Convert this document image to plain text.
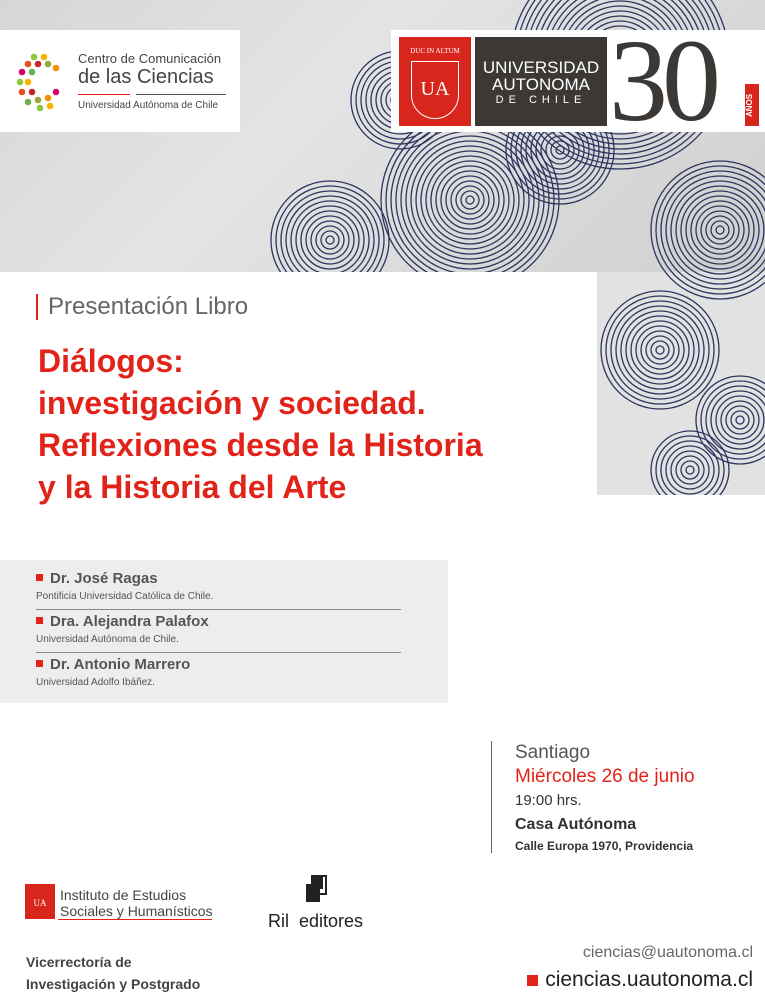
Centro de Comunicación
de las Ciencias
Universidad Autónoma de Chile
DUC IN ALTUM
UA
UNIVERSIDAD
AUTONOMA
DE CHILE 30	AÑOS
Presentación Libro
Diálogos:
investigación y sociedad.
Reflexiones desde la Historia
y la Historia del Arte
Dr. José Ragas
Pontificia Universidad Católica de Chile.
Dra. Alejandra Palafox
Universidad Autónoma de Chile.
Dr. Antonio Marrero
Universidad Adolfo Ibáñez.
Santiago
Miércoles 26 de junio
19:00 hrs.
Casa Autónoma
Calle Europa 1970, Providencia
UA Instituto de Estudios
Sociales y Humanísticos	Ril editores
Vicerrectoría de
Investigación y Postgrado
ciencias@uautonoma.cl
ciencias.uautonoma.cl
